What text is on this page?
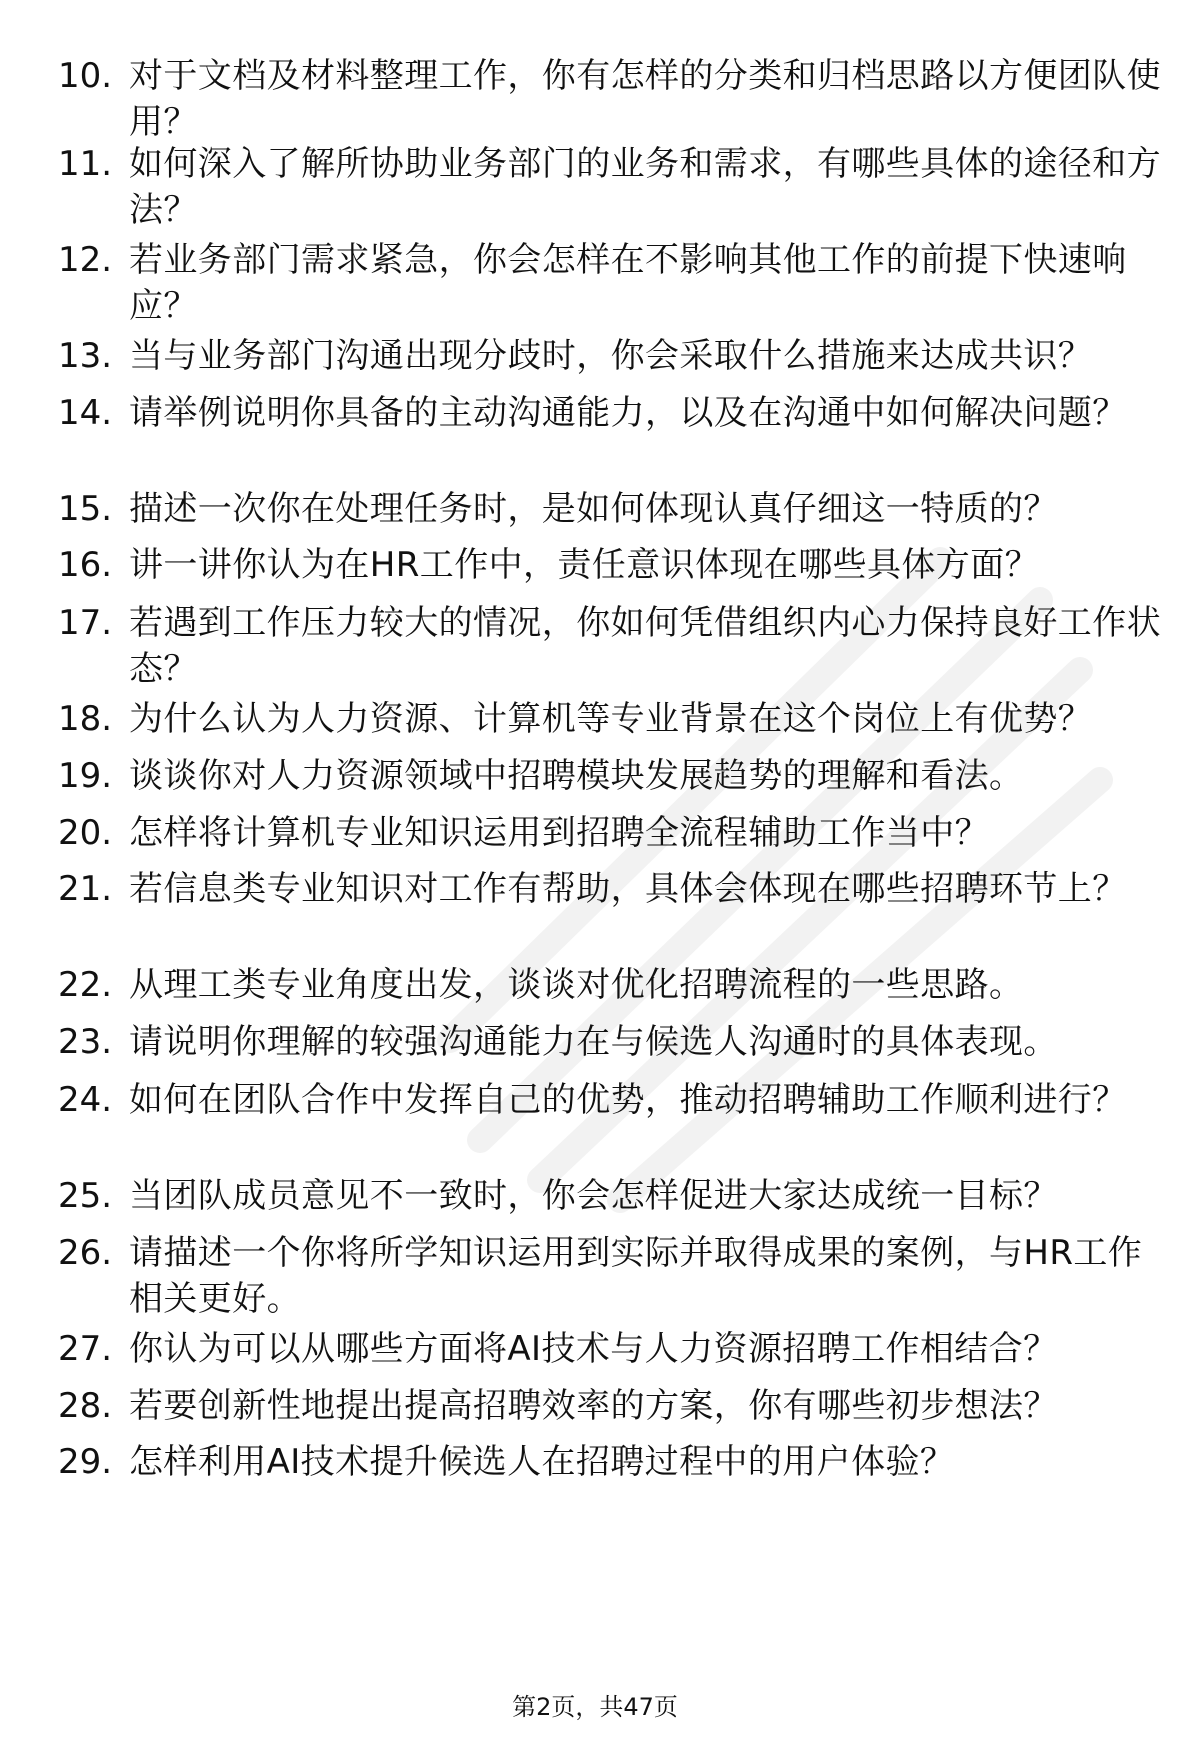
10. 对于文档及材料整理工作，你有怎样的分类和归档思路以方便团队使用？
11. 如何深入了解所协助业务部门的业务和需求，有哪些具体的途径和方法？
12. 若业务部门需求紧急，你会怎样在不影响其他工作的前提下快速响应？
13. 当与业务部门沟通出现分歧时，你会采取什么措施来达成共识？
14. 请举例说明你具备的主动沟通能力，以及在沟通中如何解决问题？
15. 描述一次你在处理任务时，是如何体现认真仔细这一特质的？
16. 讲一讲你认为在HR工作中，责任意识体现在哪些具体方面？
17. 若遇到工作压力较大的情况，你如何凭借组织内心力保持良好工作状态？
18. 为什么认为人力资源、计算机等专业背景在这个岗位上有优势？
19. 谈谈你对人力资源领域中招聘模块发展趋势的理解和看法。
20. 怎样将计算机专业知识运用到招聘全流程辅助工作当中？
21. 若信息类专业知识对工作有帮助，具体会体现在哪些招聘环节上？
22. 从理工类专业角度出发，谈谈对优化招聘流程的一些思路。
23. 请说明你理解的较强沟通能力在与候选人沟通时的具体表现。
24. 如何在团队合作中发挥自己的优势，推动招聘辅助工作顺利进行？
25. 当团队成员意见不一致时，你会怎样促进大家达成统一目标？
26. 请描述一个你将所学知识运用到实际并取得成果的案例，与HR工作相关更好。
27. 你认为可以从哪些方面将AI技术与人力资源招聘工作相结合？
28. 若要创新性地提出提高招聘效率的方案，你有哪些初步想法？
29. 怎样利用AI技术提升候选人在招聘过程中的用户体验？
第2页，共47页
